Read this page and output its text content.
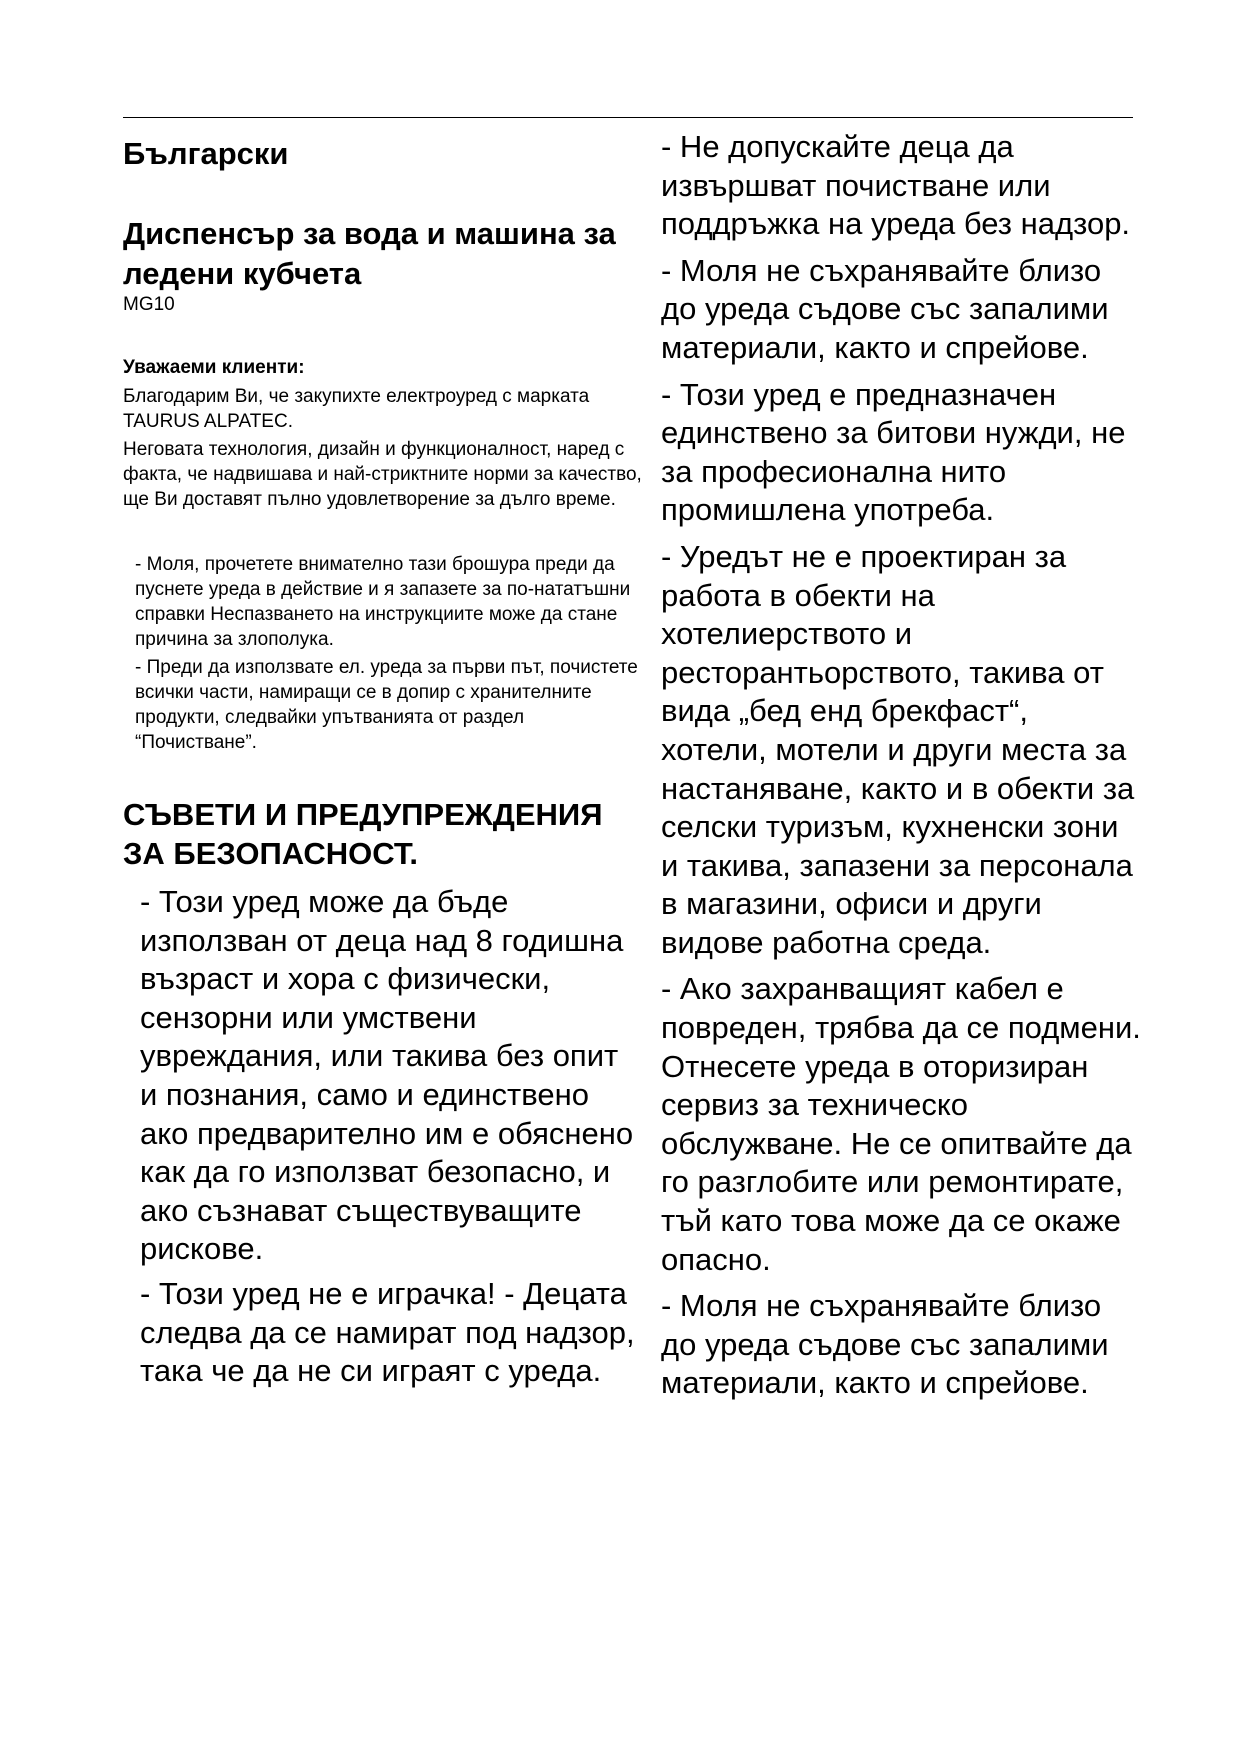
Български
Диспенсър за вода и машина за ледени кубчета

MG10

Уважаеми клиенти:

Благодарим Ви, че закупихте електроуред с марката TAURUS ALPATEC.

Неговата технология, дизайн и функционалност, наред с факта, че надвишава и най-стриктните норми за качество, ще Ви доставят пълно удовлетворение за дълго време.

- Моля, прочетете внимателно тази брошура преди да пуснете уреда в действие и я запазете за по-нататъшни справки Неспазването на инструкциите може да стане причина за злополука.

- Преди да използвате ел. уреда за първи път, почистете всички части, намиращи се в допир с хранителните продукти, следвайки упътванията от раздел “Почистване”.

СЪВЕТИ И ПРЕДУПРЕЖДЕНИЯ ЗА БЕЗОПАСНОСТ.

- Този уред може да бъде използван от деца над 8 годишна възраст и хора с физически, сензорни или умствени увреждания, или такива без опит и познания, само и единствено ако предварително им е обяснено как да го използват безопасно, и ако съзнават съществуващите рискове.

- Този уред не е играчка! - Децата следва да се намират под надзор, така че да не си играят с уреда.

- Не допускайте деца да извършват почистване или поддръжка на уреда без надзор.

- Моля не съхранявайте близо до уреда съдове със запалими материали, както и спрейове.

- Този уред е предназначен единствено за битови нужди, не за професионална нито промишлена употреба.

- Уредът не е проектиран за работа в обекти на хотелиерството и ресторантьорството, такива от вида „бед енд брекфаст“, хотели, мотели и други места за настаняване, както и в обекти за селски туризъм, кухненски зони и такива, запазени за персонала в магазини, офиси и други видове работна среда.

- Ако захранващият кабел е повреден, трябва да се подмени. Отнесете уреда в оторизиран сервиз за техническо обслужване. Не се опитвайте да го разглобите или ремонтирате, тъй като това може да се окаже опасно.

- Моля не съхранявайте близо до уреда съдове със запалими материали, както и спрейове.
